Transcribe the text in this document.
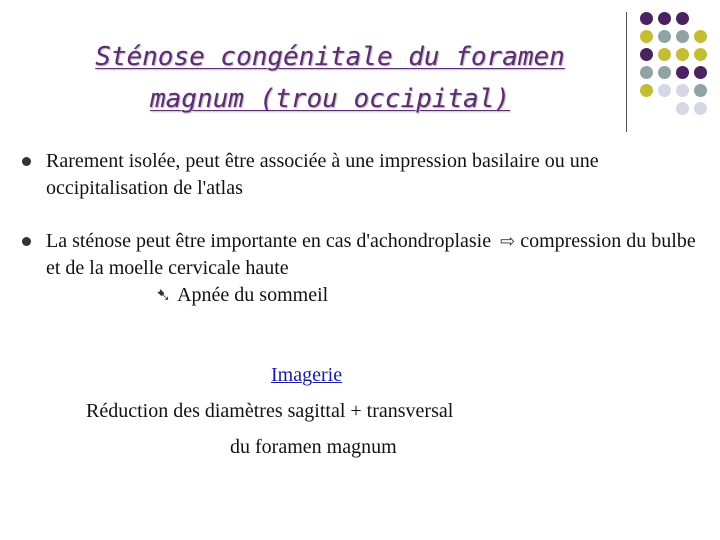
Sténose congénitale du foramen
magnum (trou occipital)
Rarement isolée, peut être associée à une impression basilaire ou une occipitalisation de l'atlas
La sténose peut être importante en cas d'achondroplasie ⇨ compression du bulbe et de la moelle cervicale haute
➷ Apnée du sommeil
Imagerie
Réduction des diamètres sagittal + transversal
du foramen magnum
